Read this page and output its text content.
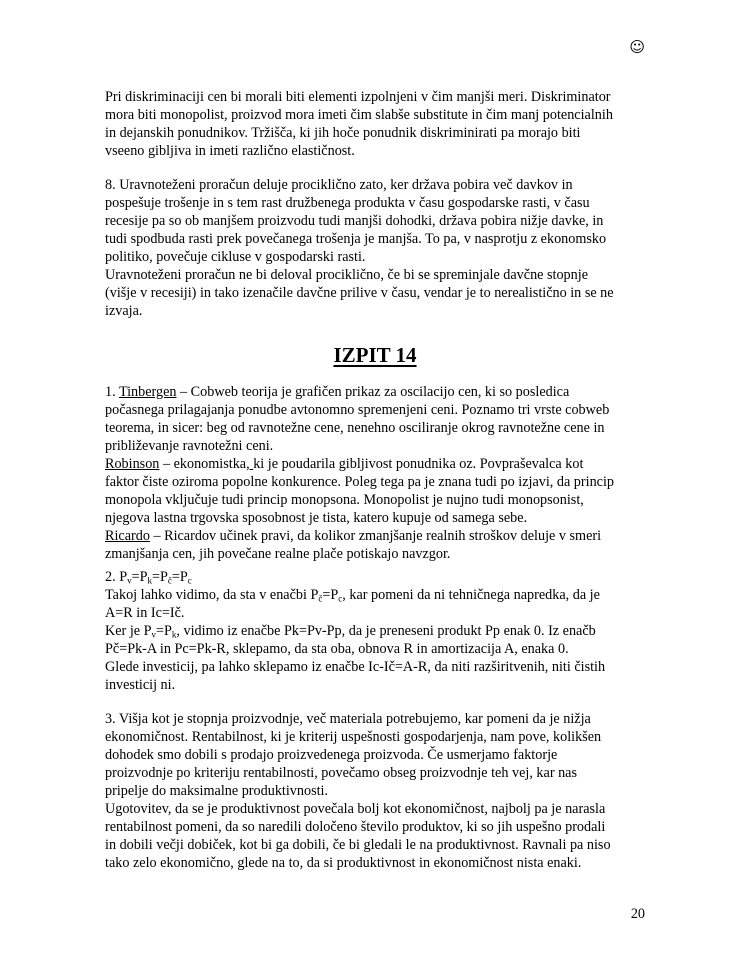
☺
Pri diskriminaciji cen bi morali biti elementi izpolnjeni v čim manjši meri. Diskriminator
mora biti monopolist, proizvod mora imeti čim slabše substitute in čim manj potencialnih
in dejanskih ponudnikov. Tržišča, ki jih hoče ponudnik diskriminirati pa morajo biti
vseeno gibljiva in imeti različno elastičnost.
8. Uravnoteženi proračun deluje prociklično zato, ker država pobira več davkov in
pospešuje trošenje in s tem rast družbenega produkta v času gospodarske rasti, v času
recesije pa so ob manjšem proizvodu tudi manjši dohodki, država pobira nižje davke, in
tudi spodbuda rasti prek povečanega trošenja je manjša. To pa, v nasprotju z ekonomsko
politiko, povečuje cikluse v gospodarski rasti.
Uravnoteženi proračun ne bi deloval prociklično, če bi se spreminjale davčne stopnje
(višje v recesiji) in tako izenačile davčne prilive v času, vendar je to nerealistično in se ne
izvaja.
IZPIT 14
1. Tinbergen – Cobweb teorija je grafičen prikaz za oscilacijo cen, ki so posledica
počasnega prilagajanja ponudbe avtonomno spremenjeni ceni. Poznamo tri vrste cobweb
teorema, in sicer: beg od ravnotežne cene, nenehno osciliranje okrog ravnotežne cene in
približevanje ravnotežni ceni.
Robinson – ekonomistka, ki je poudarila gibljivost ponudnika oz. Povpraševalca kot
faktor čiste oziroma popolne konkurence. Poleg tega pa je znana tudi po izjavi, da princip
monopola vključuje tudi princip monopsona. Monopolist je nujno tudi monopsonist,
njegova lastna trgovska sposobnost je tista, katero kupuje od samega sebe.
Ricardo – Ricardov učinek pravi, da kolikor zmanjšanje realnih stroškov deluje v smeri
zmanjšanja cen, jih povečane realne plače potiskajo navzgor.
2. $P_v=P_k=P_č=P_c$
Takoj lahko vidimo, da sta v enačbi $P_č=P_c$, kar pomeni da ni tehničnega napredka, da je
A=R in Ic=Ič.
Ker je $P_v=P_k$, vidimo iz enačbe Pk=Pv-Pp, da je preneseni produkt Pp enak 0. Iz enačb
Pč=Pk-A in Pc=Pk-R, sklepamo, da sta oba, obnova R in amortizacija A, enaka 0.
Glede investicij, pa lahko sklepamo iz enačbe Ic-Ič=A-R, da niti razširitvenih, niti čistih
investicij ni.
3. Višja kot je stopnja proizvodnje, več materiala potrebujemo, kar pomeni da je nižja
ekonomičnost. Rentabilnost, ki je kriterij uspešnosti gospodarjenja, nam pove, kolikšen
dohodek smo dobili s prodajo proizvedenega proizvoda. Če usmerjamo faktorje
proizvodnje po kriteriju rentabilnosti, povečamo obseg proizvodnje teh vej, kar nas
pripelje do maksimalne produktivnosti.
Ugotovitev, da se je produktivnost povečala bolj kot ekonomičnost, najbolj pa je narasla
rentabilnost pomeni, da so naredili določeno število produktov, ki so jih uspešno prodali
in dobili večji dobiček, kot bi ga dobili, če bi gledali le na produktivnost. Ravnali pa niso
tako zelo ekonomično, glede na to, da si produktivnost in ekonomičnost nista enaki.
20
